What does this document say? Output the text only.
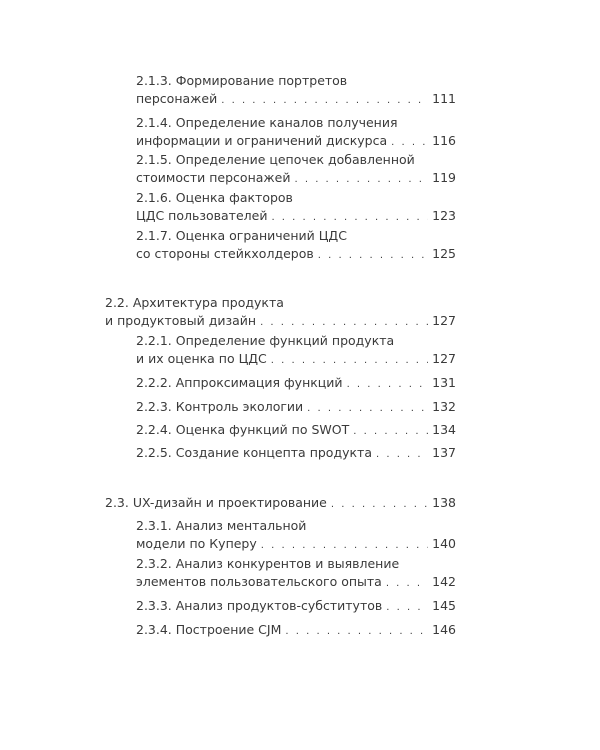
2.1.3. Формирование портретов
персонажей . . .	111
2.1.4. Определение каналов получения
информации и ограничений дискурса . . .	116
2.1.5. Определение цепочек добавленной
стоимости персонажей . . .	119
2.1.6. Оценка факторов
ЦДС пользователей . . .	123
2.1.7. Оценка ограничений ЦДС
со стороны стейкхолдеров . . .	125
2.2. Архитектура продукта
и продуктовый дизайн . . .	127
2.2.1. Определение функций продукта
и их оценка по ЦДС . . .	127
2.2.2. Аппроксимация функций . . .	131
2.2.3. Контроль экологии . . .	132
2.2.4. Оценка функций по SWOT . . .	134
2.2.5. Создание концепта продукта . . .	137
2.3. UX-дизайн и проектирование . . .	138
2.3.1. Анализ ментальной
модели по Куперу . . .	140
2.3.2. Анализ конкурентов и выявление
элементов пользовательского опыта . . .	142
2.3.3. Анализ продуктов-субститутов . . .	145
2.3.4. Построение CJM . . .	146
